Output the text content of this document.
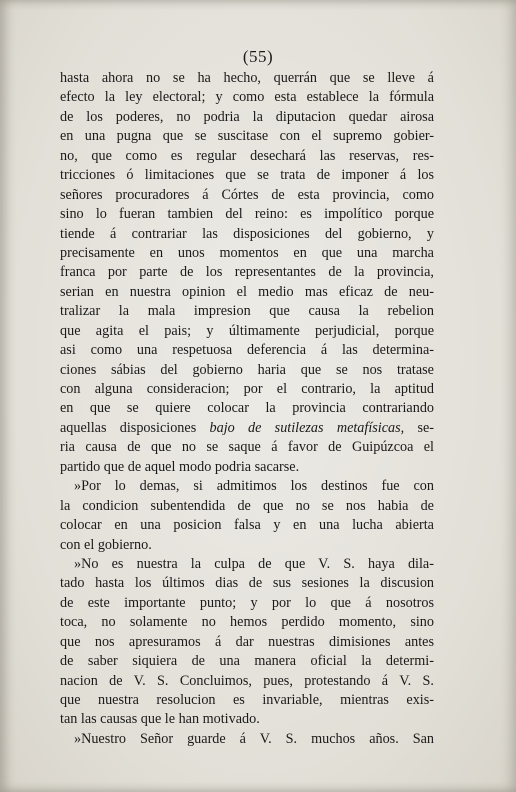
(55)
hasta ahora no se ha hecho, querrán que se lleve á
efecto la ley electoral; y como esta establece la fórmula
de los poderes, no podria la diputacion quedar airosa
en una pugna que se suscitase con el supremo gobier-
no, que como es regular desechará las reservas, res-
tricciones ó limitaciones que se trata de imponer á los
señores procuradores á Córtes de esta provincia, como
sino lo fueran tambien del reino: es impolítico porque
tiende á contrariar las disposiciones del gobierno, y
precisamente en unos momentos en que una marcha
franca por parte de los representantes de la provincia,
serian en nuestra opinion el medio mas eficaz de neu-
tralizar la mala impresion que causa la rebelion
que agita el pais; y últimamente perjudicial, porque
asi como una respetuosa deferencia á las determina-
ciones sábias del gobierno haria que se nos tratase
con alguna consideracion; por el contrario, la aptitud
en que se quiere colocar la provincia contrariando
aquellas disposiciones bajo de sutilezas metafísicas, se-
ria causa de que no se saque á favor de Guipúzcoa el
partido que de aquel modo podria sacarse.
»Por lo demas, si admitimos los destinos fue con
la condicion subentendida de que no se nos habia de
colocar en una posicion falsa y en una lucha abierta
con el gobierno.
»No es nuestra la culpa de que V. S. haya dila-
tado hasta los últimos dias de sus sesiones la discusion
de este importante punto; y por lo que á nosotros
toca, no solamente no hemos perdido momento, sino
que nos apresuramos á dar nuestras dimisiones antes
de saber siquiera de una manera oficial la determi-
nacion de V. S. Concluimos, pues, protestando á V. S.
que nuestra resolucion es invariable, mientras exis-
tan las causas que le han motivado.
»Nuestro Señor guarde á V. S. muchos años. San
